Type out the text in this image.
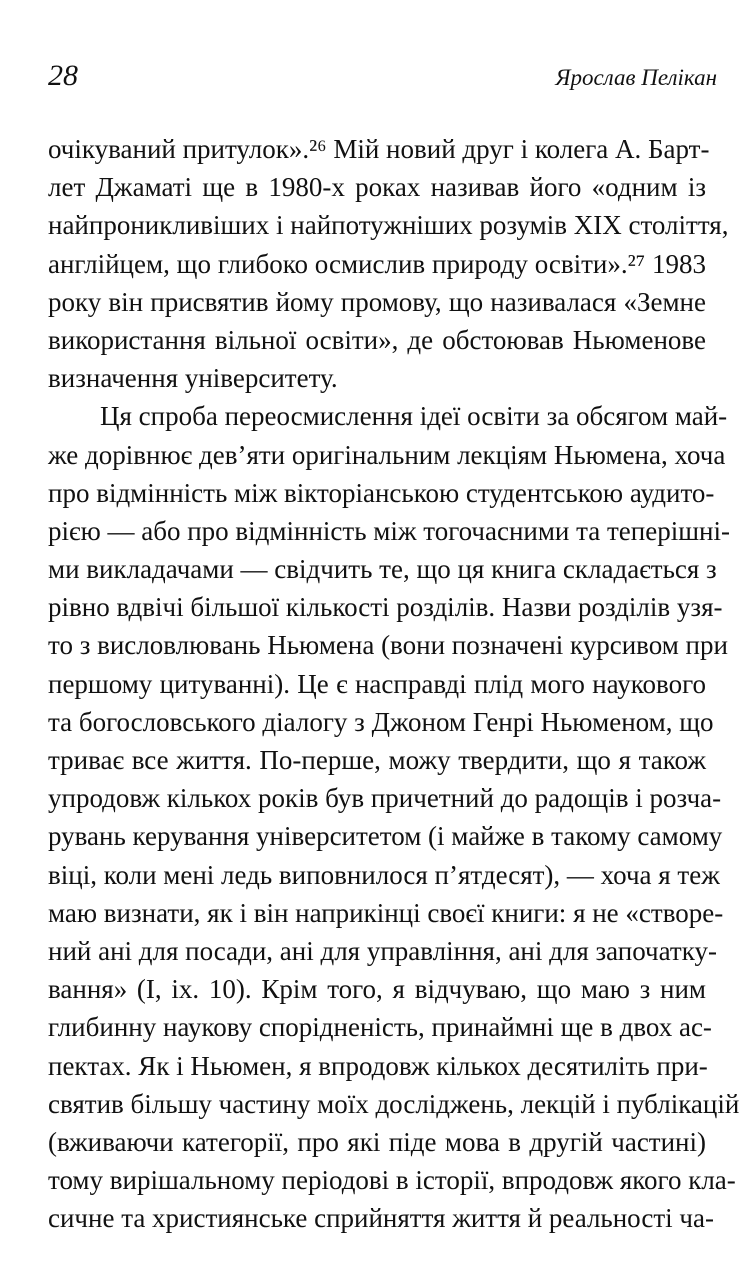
28	Ярослав Пелікан
очікуваний притулок».²⁶ Мій новий друг і колега А. Барт-
лет Джаматі ще в 1980-х роках називав його «одним із
найпроникливіших і найпотужніших розумів XIX століття,
англійцем, що глибоко осмислив природу освіти».²⁷ 1983
року він присвятив йому промову, що називалася «Земне
використання вільної освіти», де обстоював Ньюменове
визначення університету.
Ця спроба переосмислення ідеї освіти за обсягом май-
же дорівнює дев’яти оригінальним лекціям Ньюмена, хоча
про відмінність між вікторіанською студентською аудито-
рією — або про відмінність між тогочасними та теперішні-
ми викладачами — свідчить те, що ця книга складається з
рівно вдвічі більшої кількості розділів. Назви розділів узя-
то з висловлювань Ньюмена (вони позначені курсивом при
першому цитуванні). Це є насправді плід мого наукового
та богословського діалогу з Джоном Генрі Ньюменом, що
триває все життя. По-перше, можу твердити, що я також
упродовж кількох років був причетний до радощів і розча-
рувань керування університетом (і майже в такому самому
віці, коли мені ледь виповнилося п’ятдесят), — хоча я теж
маю визнати, як і він наприкінці своєї книги: я не «створе-
ний ані для посади, ані для управління, ані для започатку-
вання» (I, ix. 10). Крім того, я відчуваю, що маю з ним
глибинну наукову спорідненість, принаймні ще в двох ас-
пектах. Як і Ньюмен, я впродовж кількох десятиліть при-
святив більшу частину моїх досліджень, лекцій і публікацій
(вживаючи категорії, про які піде мова в другій частині)
тому вирішальному періодові в історії, впродовж якого кла-
сичне та християнське сприйняття життя й реальності ча-
